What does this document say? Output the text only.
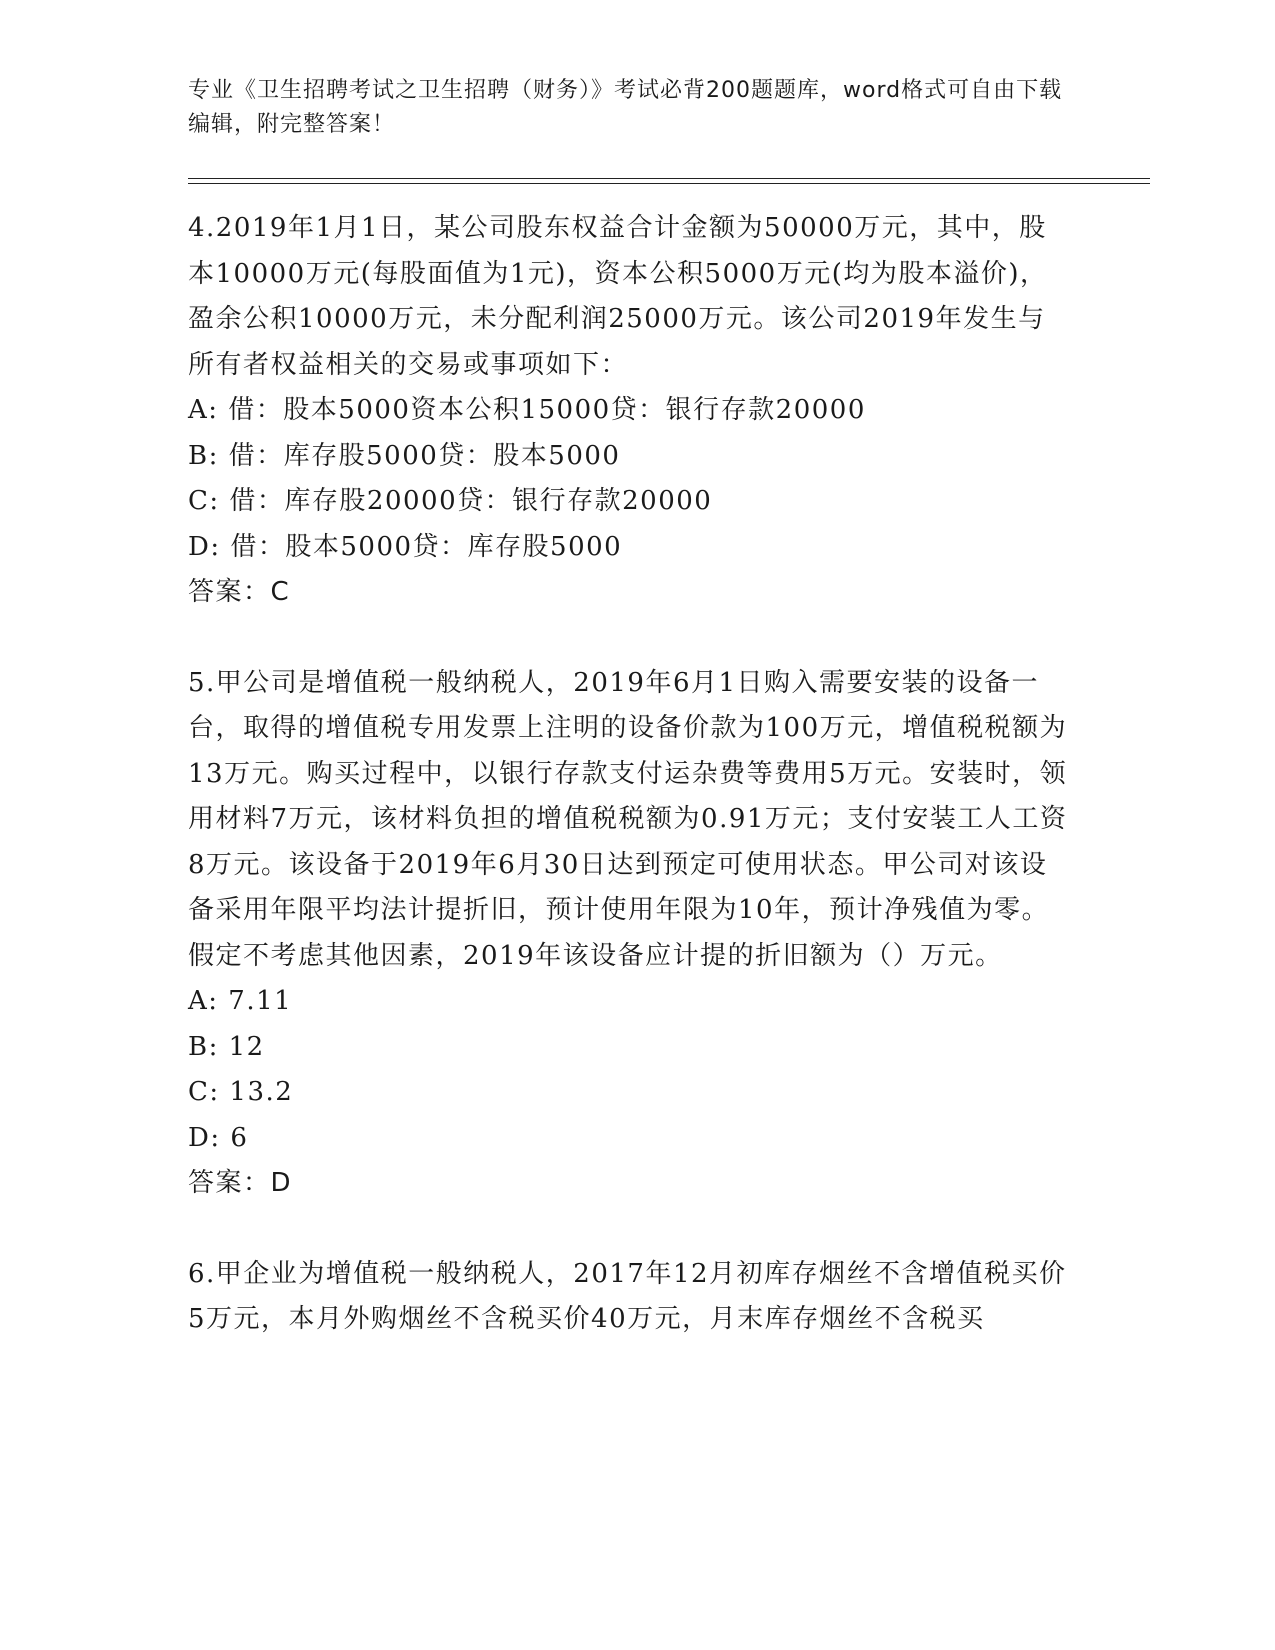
专业《卫生招聘考试之卫生招聘（财务）》考试必背200题题库，word格式可自由下载编辑，附完整答案！

4.2019年1月1日，某公司股东权益合计金额为50000万元，其中，股本10000万元(每股面值为1元)，资本公积5000万元(均为股本溢价)，盈余公积10000万元，未分配利润25000万元。该公司2019年发生与所有者权益相关的交易或事项如下：

A: 借：股本5000资本公积15000贷：银行存款20000

B: 借：库存股5000贷：股本5000

C: 借：库存股20000贷：银行存款20000

D: 借：股本5000贷：库存股5000

答案：C

5.甲公司是增值税一般纳税人，2019年6月1日购入需要安装的设备一台，取得的增值税专用发票上注明的设备价款为100万元，增值税税额为13万元。购买过程中，以银行存款支付运杂费等费用5万元。安装时，领用材料7万元，该材料负担的增值税税额为0.91万元；支付安装工人工资8万元。该设备于2019年6月30日达到预定可使用状态。甲公司对该设备采用年限平均法计提折旧，预计使用年限为10年，预计净残值为零。假定不考虑其他因素，2019年该设备应计提的折旧额为（）万元。

A: 7.11

B: 12

C: 13.2

D: 6

答案：D

6.甲企业为增值税一般纳税人，2017年12月初库存烟丝不含增值税买价5万元，本月外购烟丝不含税买价40万元，月末库存烟丝不含税买
